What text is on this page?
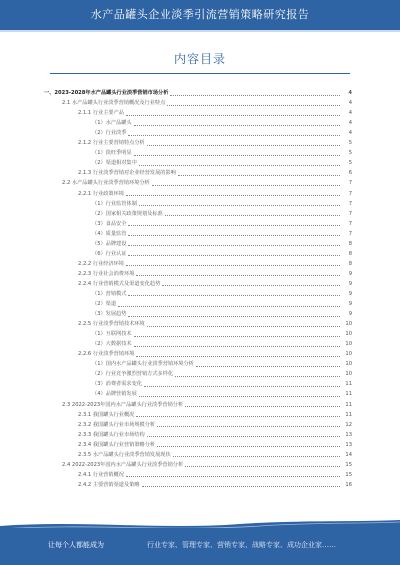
水产品罐头企业淡季引流营销策略研究报告
内容目录
一、2023-2028年水产品罐头行业淡季营销市场分析	4
2.1 水产品罐头行业淡季营销概况及行业特点	4
2.1.1 行业主要产品	4
（1）水产品罐头	4
（2）行业淡季	4
2.1.2 行业主要营销特点分析	5
（1）淡旺季明显	5
（2）渠道相对集中	5
2.1.3 行业淡季营销对企业经营发展的影响	6
2.2 水产品罐头行业淡季营销环境分析	7
2.2.1 行业政策环境	7
（1）行业监管体制	7
（2）国家相关政策规划及标准	7
（3）食品安全	7
（4）质量监管	7
（5）品牌建设	8
（6）行业认证	8
2.2.2 行业经济环境	8
2.2.3 行业社会消费环境	9
2.2.4 行业营销模式及渠道变化趋势	9
（1）营销模式	9
（2）渠道	9
（3）发展趋势	9
2.2.5 行业淡季营销技术环境	10
（1）互联网技术	10
（2）大数据技术	10
2.2.6 行业淡季营销环境	10
（1）国内水产品罐头行业淡季营销环境分析	10
（2）行业竞争激烈营销方式多样化	10
（3）消费者需求变化	11
（4）品牌营销发展	11
2.3 2022-2023年国内水产品罐头行业淡季营销分析	11
2.3.1 我国罐头行业概况	11
2.3.2 我国罐头行业市场规模分析	12
2.3.3 我国罐头行业市场结构	13
2.3.4 我国罐头行业营销策略分析	13
2.3.5 水产品罐头行业淡季营销发展现状	14
2.4 2022-2023年国内水产品罐头行业淡季营销分析	15
2.4.1 行业营销概况	15
2.4.2 主要营销渠道及策略	16
让每个人都能成为	行业专家、管理专家、营销专家、战略专家、成功企业家……
